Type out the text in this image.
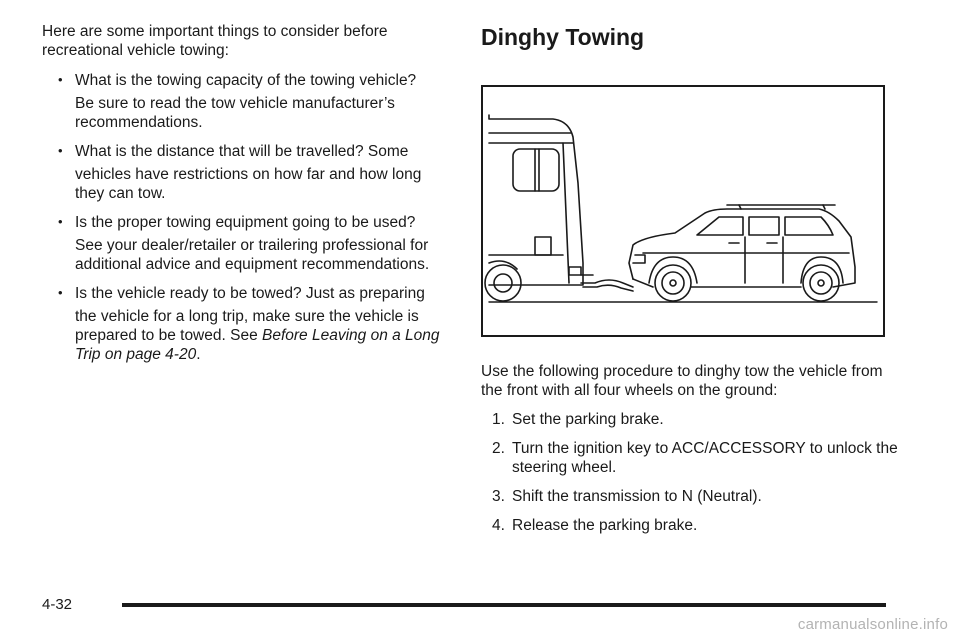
Here are some important things to consider before recreational vehicle towing:

• What is the towing capacity of the towing vehicle?
Be sure to read the tow vehicle manufacturer’s recommendations.
• What is the distance that will be travelled? Some
vehicles have restrictions on how far and how long they can tow.
• Is the proper towing equipment going to be used?
See your dealer/retailer or trailering professional for additional advice and equipment recommendations.
• Is the vehicle ready to be towed? Just as preparing
the vehicle for a long trip, make sure the vehicle is prepared to be towed. See Before Leaving on a Long Trip on page 4-20.
Dinghy Towing

Use the following procedure to dinghy tow the vehicle from the front with all four wheels on the ground:

1. Set the parking brake.
2. Turn the ignition key to ACC/ACCESSORY to unlock the steering wheel.
3. Shift the transmission to N (Neutral).
4. Release the parking brake.
4-32
carmanualsonline.info
